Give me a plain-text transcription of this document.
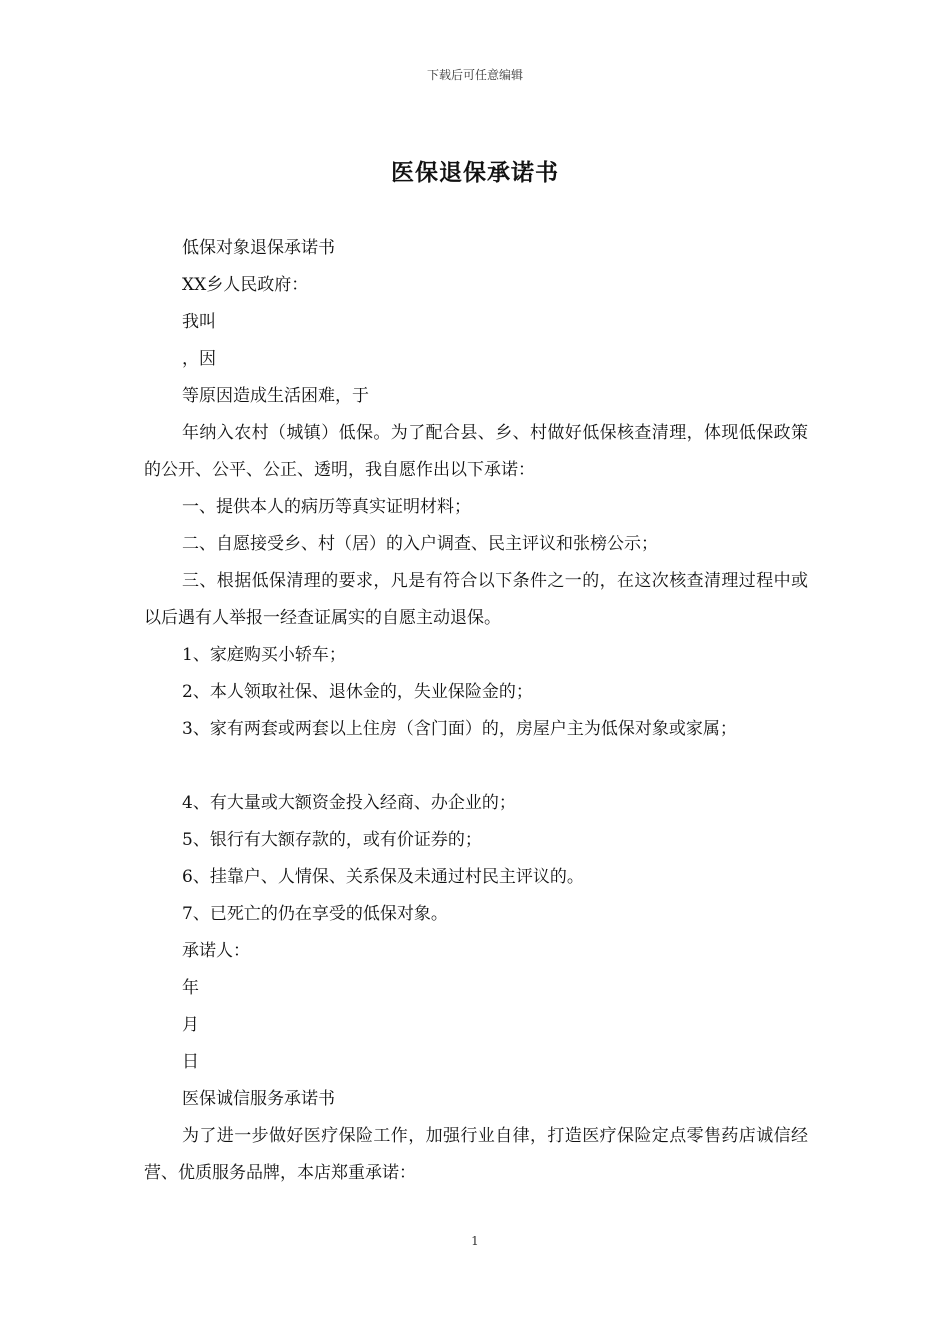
下载后可任意编辑
医保退保承诺书

低保对象退保承诺书

XX乡人民政府：

我叫

，因

等原因造成生活困难，于

年纳入农村（城镇）低保。为了配合县、乡、村做好低保核查清理，体现低保政策的公开、公平、公正、透明，我自愿作出以下承诺：

一、提供本人的病历等真实证明材料；

二、自愿接受乡、村（居）的入户调查、民主评议和张榜公示；

三、根据低保清理的要求，凡是有符合以下条件之一的，在这次核查清理过程中或以后遇有人举报一经查证属实的自愿主动退保。

1、家庭购买小轿车；

2、本人领取社保、退休金的，失业保险金的；

3、家有两套或两套以上住房（含门面）的，房屋户主为低保对象或家属；

4、有大量或大额资金投入经商、办企业的；

5、银行有大额存款的，或有价证券的；

6、挂靠户、人情保、关系保及未通过村民主评议的。

7、已死亡的仍在享受的低保对象。

承诺人：

年

月

日

医保诚信服务承诺书

为了进一步做好医疗保险工作，加强行业自律，打造医疗保险定点零售药店诚信经营、优质服务品牌，本店郑重承诺：

1
